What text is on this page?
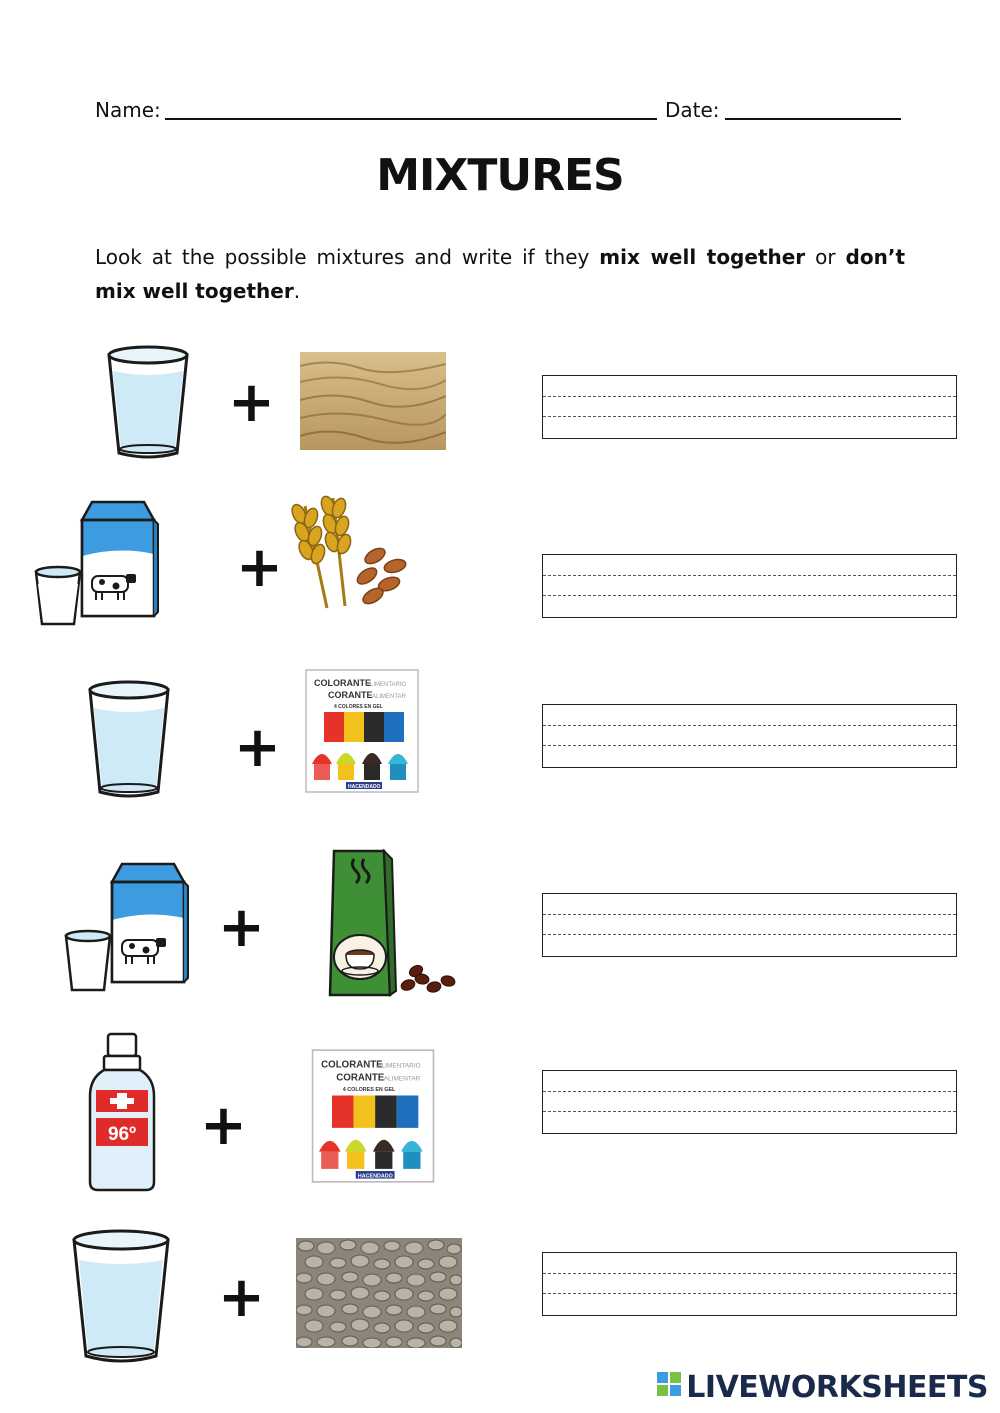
Name:	Date:
MIXTURES
Look at the possible mixtures and write if they mix well together or don’t mix well together.
+
+
+
COLORANTE
ALIMENTARIO
CORANTE ALIMENTAR
4 COLORES EN GEL
HACENDADO
+
96º +
COLORANTE
ALIMENTARIO
CORANTE ALIMENTAR
4 COLORES EN GEL
HACENDADO
+
LIVEWORKSHEETS
